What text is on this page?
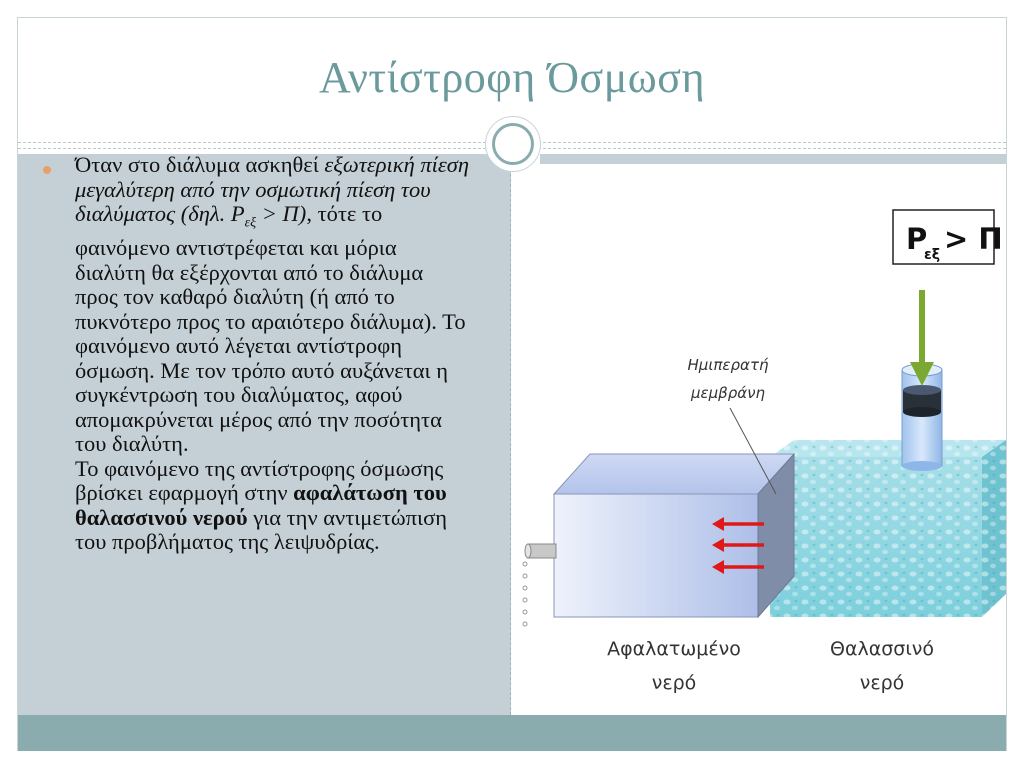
Αντίστροφη Όσμωση
Όταν στο διάλυμα ασκηθεί εξωτερική πίεση μεγαλύτερη από την οσμωτική πίεση του διαλύματος (δηλ. $P_{\varepsilon\xi} > \Pi$), τότε το φαινόμενο αντιστρέφεται και μόρια διαλύτη θα εξέρχονται από το διάλυμα προς τον καθαρό διαλύτη (ή από το πυκνότερο προς το αραιότερο διάλυμα). Το φαινόμενο αυτό λέγεται αντίστροφη όσμωση. Με τον τρόπο αυτό αυξάνεται η συγκέντρωση του διαλύματος, αφού απομακρύνεται μέρος από την ποσότητα του διαλύτη.
Το φαινόμενο της αντίστροφης όσμωσης βρίσκει εφαρμογή στην αφαλάτωση του θαλασσινού νερού για την αντιμετώπιση του προβλήματος της λειψυδρίας.
P
εξ > Π
Ημιπερατή
μεμβράνη
Αφαλατωμένο
νερό
Θαλασσινό
νερό
